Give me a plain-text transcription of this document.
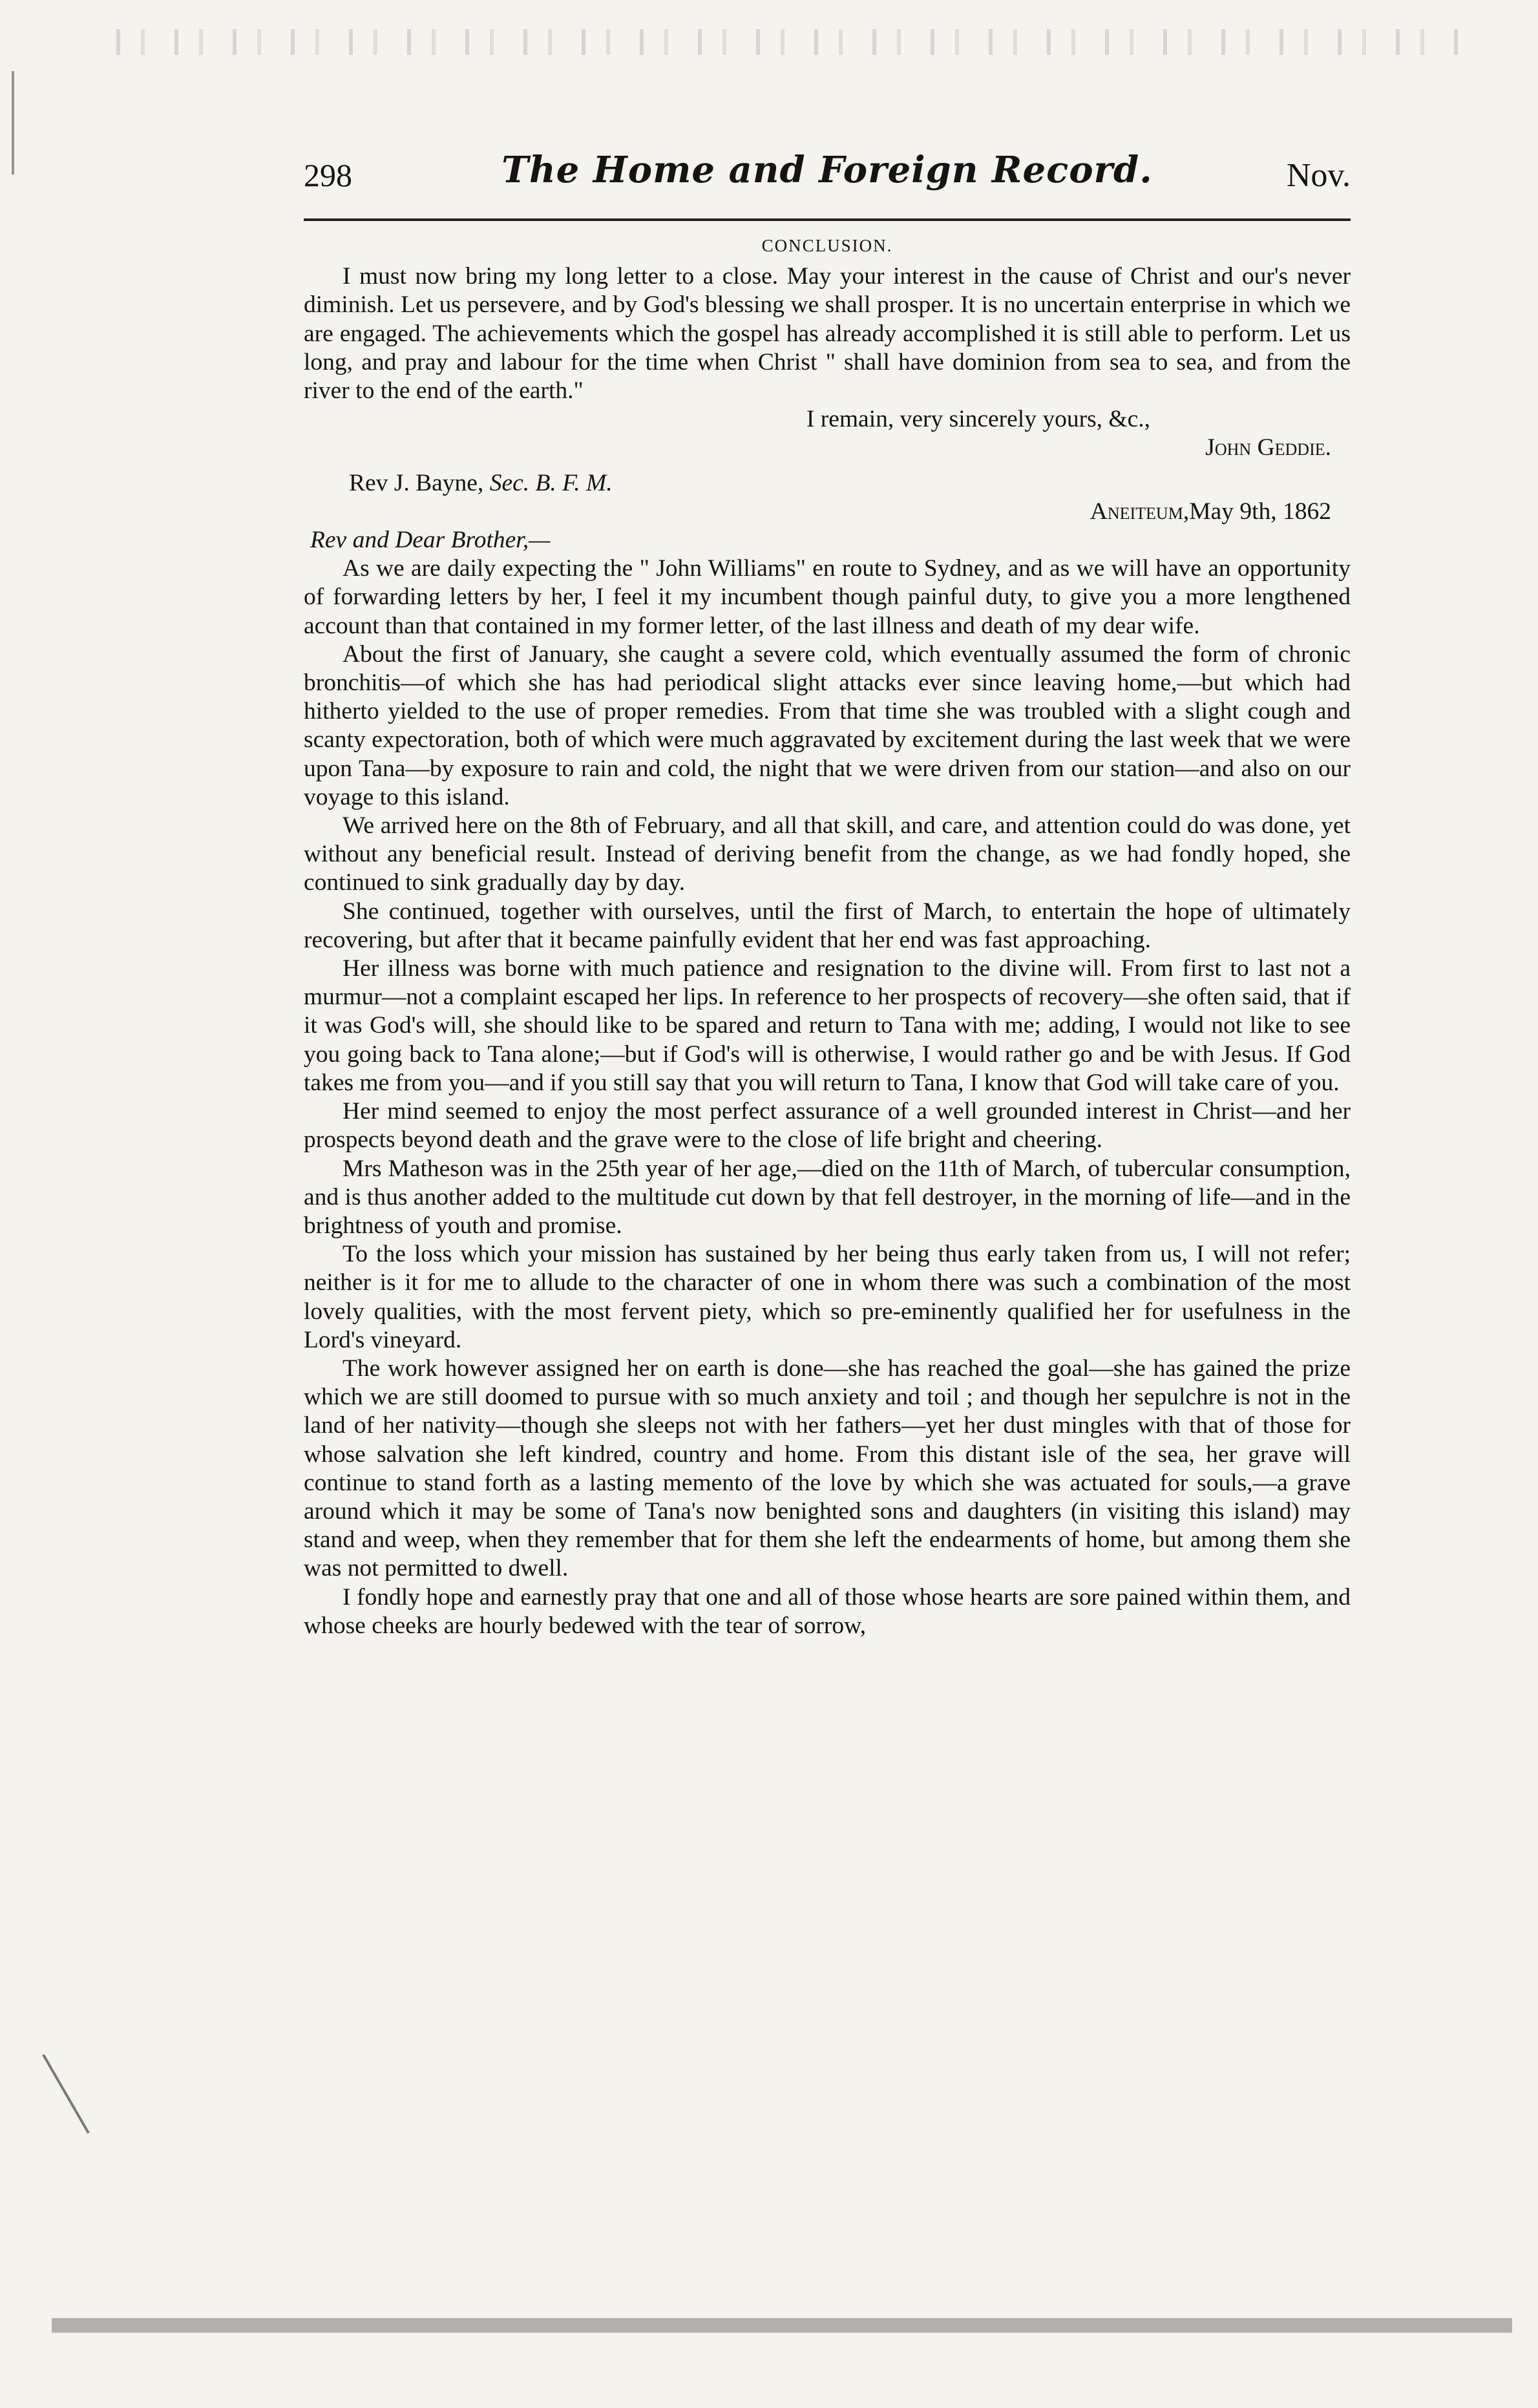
298	The Home and Foreign Record.	Nov.
CONCLUSION.

I must now bring my long letter to a close. May your interest in the cause of Christ and our's never diminish. Let us persevere, and by God's blessing we shall prosper. It is no uncertain enterprise in which we are engaged. The achievements which the gospel has already accomplished it is still able to perform. Let us long, and pray and labour for the time when Christ " shall have dominion from sea to sea, and from the river to the end of the earth."

I remain, very sincerely yours, &c.,

John Geddie.

Rev J. Bayne, Sec. B. F. M.

Aneiteum,May 9th, 1862

Rev and Dear Brother,—

As we are daily expecting the " John Williams" en route to Sydney, and as we will have an opportunity of forwarding letters by her, I feel it my incumbent though painful duty, to give you a more lengthened account than that contained in my former letter, of the last illness and death of my dear wife.

About the first of January, she caught a severe cold, which eventually assumed the form of chronic bronchitis—of which she has had periodical slight attacks ever since leaving home,—but which had hitherto yielded to the use of proper remedies. From that time she was troubled with a slight cough and scanty expectoration, both of which were much aggravated by excitement during the last week that we were upon Tana—by exposure to rain and cold, the night that we were driven from our station—and also on our voyage to this island.

We arrived here on the 8th of February, and all that skill, and care, and attention could do was done, yet without any beneficial result. Instead of deriving benefit from the change, as we had fondly hoped, she continued to sink gradually day by day.

She continued, together with ourselves, until the first of March, to entertain the hope of ultimately recovering, but after that it became painfully evident that her end was fast approaching.

Her illness was borne with much patience and resignation to the divine will. From first to last not a murmur—not a complaint escaped her lips. In reference to her prospects of recovery—she often said, that if it was God's will, she should like to be spared and return to Tana with me; adding, I would not like to see you going back to Tana alone;—but if God's will is otherwise, I would rather go and be with Jesus. If God takes me from you—and if you still say that you will return to Tana, I know that God will take care of you.

Her mind seemed to enjoy the most perfect assurance of a well grounded interest in Christ—and her prospects beyond death and the grave were to the close of life bright and cheering.

Mrs Matheson was in the 25th year of her age,—died on the 11th of March, of tubercular consumption, and is thus another added to the multitude cut down by that fell destroyer, in the morning of life—and in the brightness of youth and promise.

To the loss which your mission has sustained by her being thus early taken from us, I will not refer; neither is it for me to allude to the character of one in whom there was such a combination of the most lovely qualities, with the most fervent piety, which so pre-eminently qualified her for usefulness in the Lord's vineyard.

The work however assigned her on earth is done—she has reached the goal—she has gained the prize which we are still doomed to pursue with so much anxiety and toil ; and though her sepulchre is not in the land of her nativity—though she sleeps not with her fathers—yet her dust mingles with that of those for whose salvation she left kindred, country and home. From this distant isle of the sea, her grave will continue to stand forth as a lasting memento of the love by which she was actuated for souls,—a grave around which it may be some of Tana's now benighted sons and daughters (in visiting this island) may stand and weep, when they remember that for them she left the endearments of home, but among them she was not permitted to dwell.

I fondly hope and earnestly pray that one and all of those whose hearts are sore pained within them, and whose cheeks are hourly bedewed with the tear of sorrow,
